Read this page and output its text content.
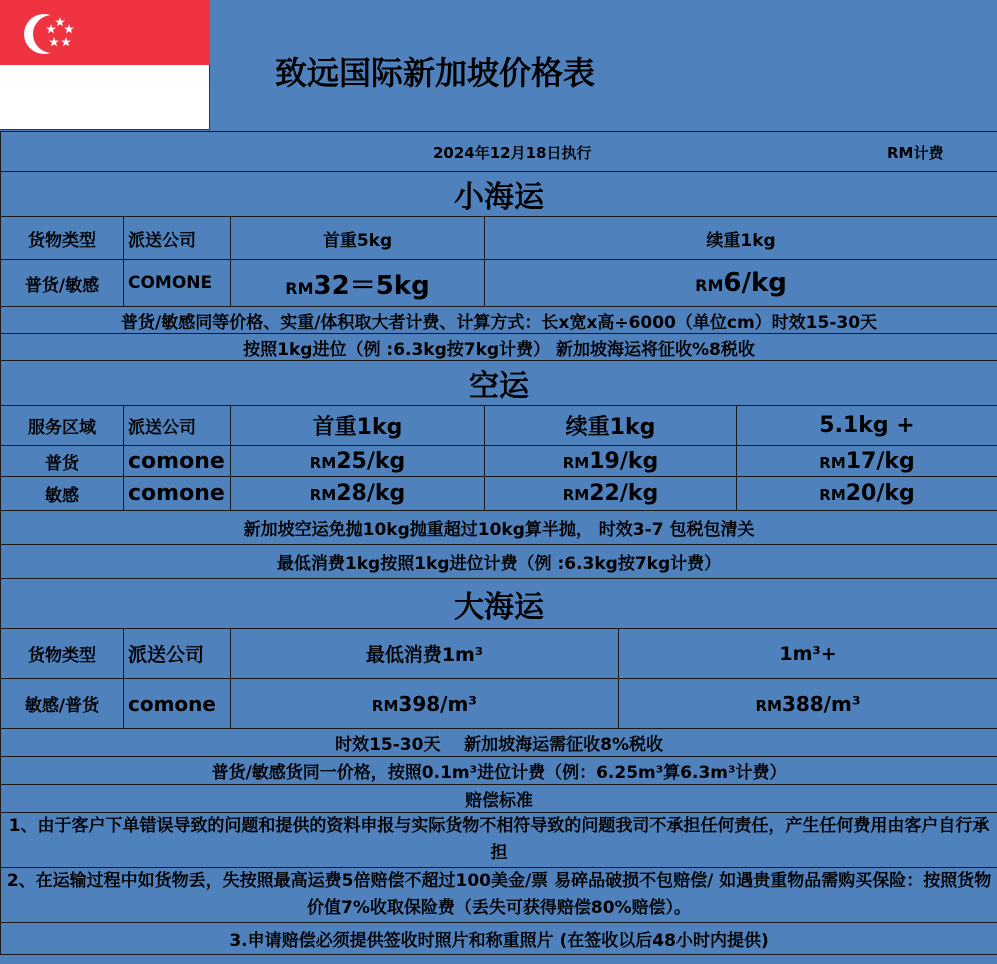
致远国际新加坡价格表
2024年12月18日执行 RM计费					

小海运					
货物类型	派送公司	首重5kg	续重1kg		
普货/敏感	COMONE	RM32＝5kg	RM6/kg		
普货/敏感同等价格、实重/体积取大者计费、计算方式：长x宽x高÷6000（单位cm）时效15-30天					
按照1kg进位（例 :6.3kg按7kg计费） 新加坡海运将征收%8税收					
空运					
服务区域	派送公司	首重1kg	续重1kg		5.1kg +
普货	comone	RM25/kg	RM19/kg		RM17/kg
敏感	comone	RM28/kg	RM22/kg		RM20/kg
新加坡空运免抛10kg抛重超过10kg算半抛， 时效3-7 包税包清关					
最低消费1kg按照1kg进位计费（例 :6.3kg按7kg计费）					
大海运					
货物类型	派送公司	最低消费1m³		1m³+	
敏感/普货	comone	RM398/m³		RM388/m³	
时效15-30天    新加坡海运需征收8%税收					
普货/敏感货同一价格，按照0.1m³进位计费（例：6.25m³算6.3m³计费）					
赔偿标准					
1、由于客户下单错误导致的问题和提供的资料申报与实际货物不相符导致的问题我司不承担任何责任，产生任何费用由客户自行承担					
2、在运输过程中如货物丢，失按照最高运费5倍赔偿不超过100美金/票 易碎品破损不包赔偿/ 如遇贵重物品需购买保险：按照货物价值7%收取保险费（丢失可获得赔偿80%赔偿）。					
3.申请赔偿必须提供签收时照片和称重照片 (在签收以后48小时内提供)					
